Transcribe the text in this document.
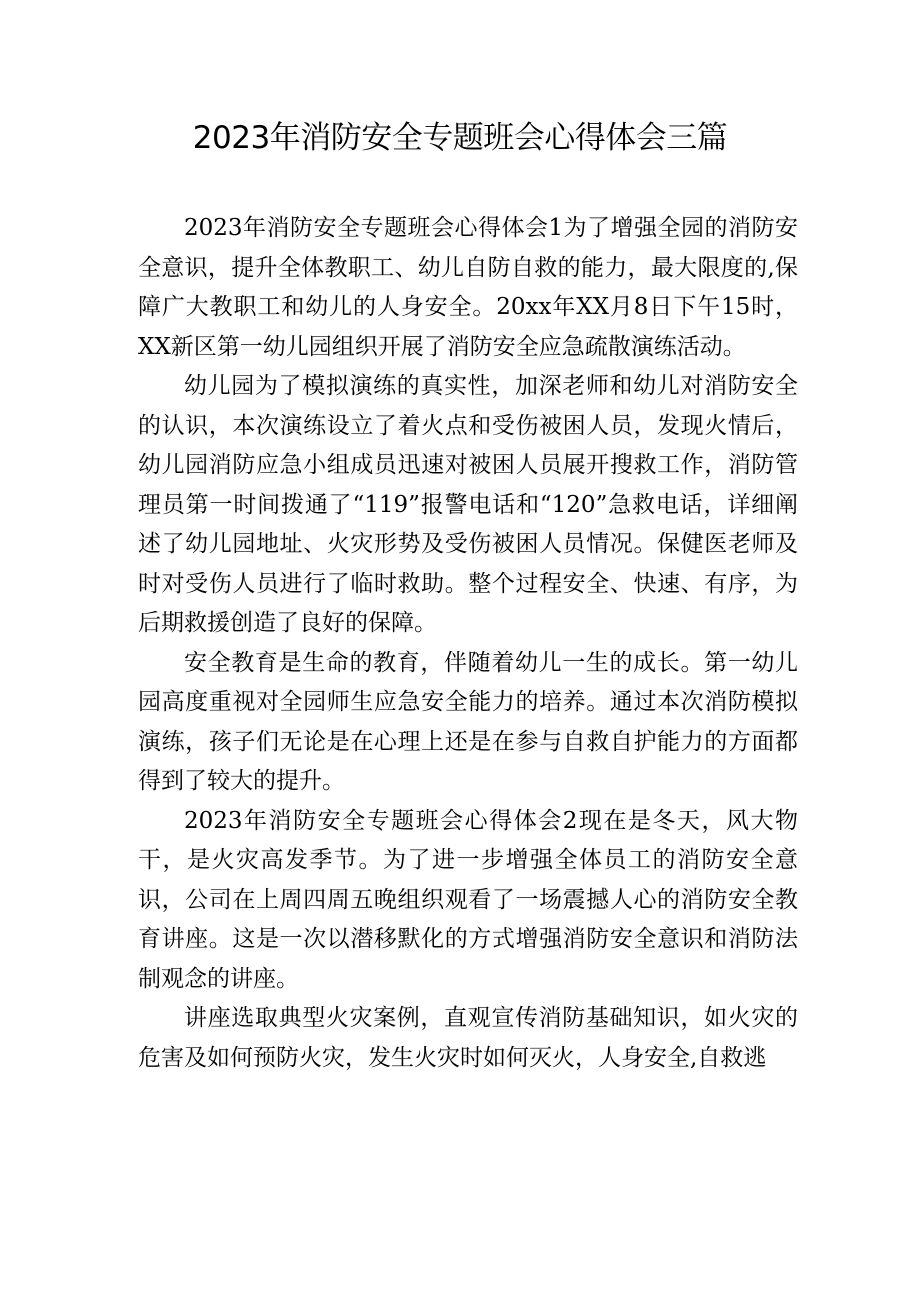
2023年消防安全专题班会心得体会三篇

2023年消防安全专题班会心得体会1为了增强全园的消防安全意识，提升全体教职工、幼儿自防自救的能力，最大限度的,保障广大教职工和幼儿的人身安全。20xx年XX月8日下午15时，XX新区第一幼儿园组织开展了消防安全应急疏散演练活动。

幼儿园为了模拟演练的真实性，加深老师和幼儿对消防安全的认识，本次演练设立了着火点和受伤被困人员，发现火情后，幼儿园消防应急小组成员迅速对被困人员展开搜救工作，消防管理员第一时间拨通了“119”报警电话和“120”急救电话，详细阐述了幼儿园地址、火灾形势及受伤被困人员情况。保健医老师及时对受伤人员进行了临时救助。整个过程安全、快速、有序，为后期救援创造了良好的保障。

安全教育是生命的教育，伴随着幼儿一生的成长。第一幼儿园高度重视对全园师生应急安全能力的培养。通过本次消防模拟演练，孩子们无论是在心理上还是在参与自救自护能力的方面都得到了较大的提升。

2023年消防安全专题班会心得体会2现在是冬天，风大物干，是火灾高发季节。为了进一步增强全体员工的消防安全意识，公司在上周四周五晚组织观看了一场震撼人心的消防安全教育讲座。这是一次以潜移默化的方式增强消防安全意识和消防法制观念的讲座。

讲座选取典型火灾案例，直观宣传消防基础知识，如火灾的危害及如何预防火灾，发生火灾时如何灭火，人身安全,自救逃
